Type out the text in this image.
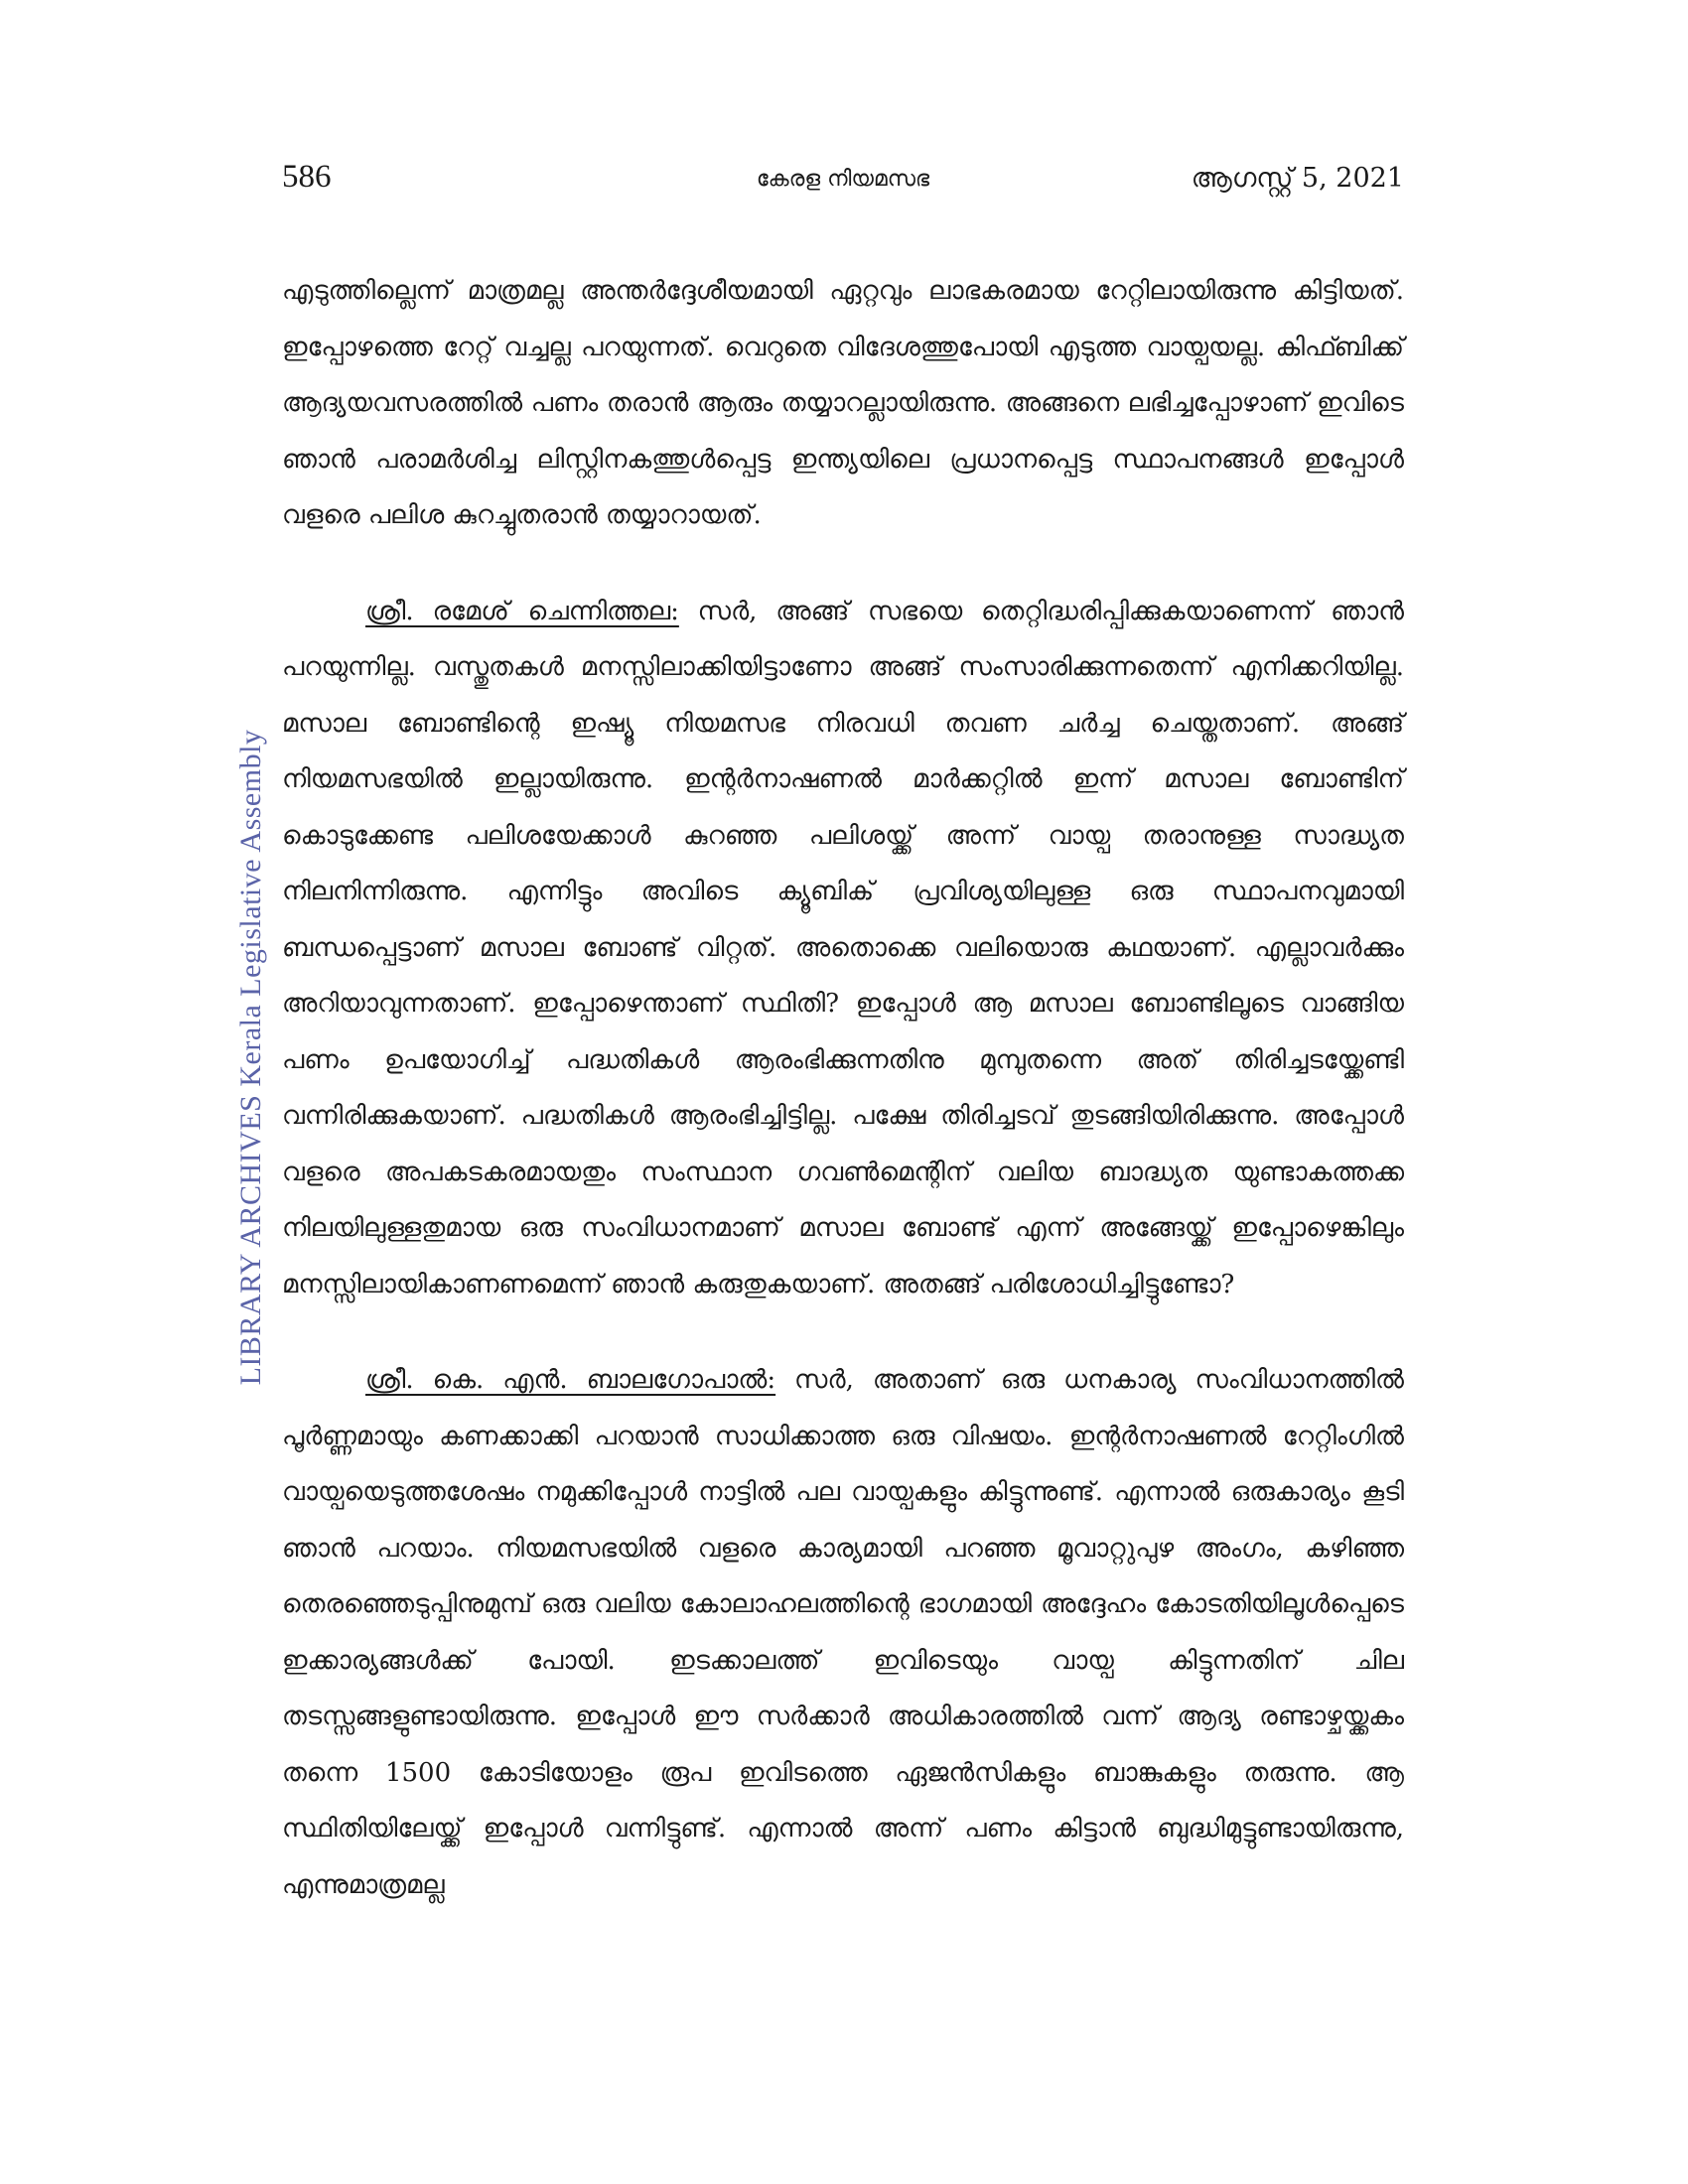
586	കേരള നിയമസഭ	ആഗസ്റ്റ് 5, 2021
LIBRARY ARCHIVES Kerala Legislative Assembly

എടുത്തില്ലെന്ന് മാത്രമല്ല അന്തർദ്ദേശീയമായി ഏറ്റവും ലാഭകരമായ റേറ്റിലായിരുന്നു കിട്ടിയത്. ഇപ്പോഴത്തെ റേറ്റ് വച്ചല്ല പറയുന്നത്. വെറുതെ വിദേശത്തുപോയി എടുത്ത വായ്പയല്ല. കിഫ്ബിക്ക് ആദ്യയവസരത്തിൽ പണം തരാൻ ആരും തയ്യാറല്ലായിരുന്നു. അങ്ങനെ ലഭിച്ചപ്പോഴാണ് ഇവിടെ ഞാൻ പരാമർശിച്ച ലിസ്റ്റിനകത്തുൾപ്പെട്ട ഇന്ത്യയിലെ പ്രധാനപ്പെട്ട സ്ഥാപനങ്ങൾ ഇപ്പോൾ വളരെ പലിശ കുറച്ചുതരാൻ തയ്യാറായത്.

ശ്രീ. രമേശ് ചെന്നിത്തല: സർ, അങ്ങ് സഭയെ തെറ്റിദ്ധരിപ്പിക്കുകയാണെന്ന് ഞാൻ പറയുന്നില്ല. വസ്തുതകൾ മനസ്സിലാക്കിയിട്ടാണോ അങ്ങ് സംസാരിക്കുന്നതെന്ന് എനിക്കറിയില്ല. മസാല ബോണ്ടിന്റെ ഇഷ്യൂ നിയമസഭ നിരവധി തവണ ചർച്ച ചെയ്തതാണ്. അങ്ങ് നിയമസഭയിൽ ഇല്ലായിരുന്നു. ഇന്റർനാഷണൽ മാർക്കറ്റിൽ ഇന്ന് മസാല ബോണ്ടിന് കൊടുക്കേണ്ട പലിശയേക്കാൾ കുറഞ്ഞ പലിശയ്ക്ക് അന്ന് വായ്പ തരാനുള്ള സാദ്ധ്യത നിലനിന്നിരുന്നു. എന്നിട്ടും അവിടെ ക്യൂബിക് പ്രവിശ്യയിലുള്ള ഒരു സ്ഥാപനവുമായി ബന്ധപ്പെട്ടാണ് മസാല ബോണ്ട് വിറ്റത്. അതൊക്കെ വലിയൊരു കഥയാണ്. എല്ലാവർക്കും അറിയാവുന്നതാണ്. ഇപ്പോഴെന്താണ് സ്ഥിതി? ഇപ്പോൾ ആ മസാല ബോണ്ടിലൂടെ വാങ്ങിയ പണം ഉപയോഗിച്ച് പദ്ധതികൾ ആരംഭിക്കുന്നതിനു മുമ്പുതന്നെ അത് തിരിച്ചടയ്ക്കേണ്ടി വന്നിരിക്കുകയാണ്. പദ്ധതികൾ ആരംഭിച്ചിട്ടില്ല. പക്ഷേ തിരിച്ചടവ് തുടങ്ങിയിരിക്കുന്നു. അപ്പോൾ വളരെ അപകടകരമായതും സംസ്ഥാന ഗവൺമെന്റിന് വലിയ ബാദ്ധ്യത യുണ്ടാകത്തക്ക നിലയിലുള്ളതുമായ ഒരു സംവിധാനമാണ് മസാല ബോണ്ട് എന്ന് അങ്ങേയ്ക്ക് ഇപ്പോഴെങ്കിലും മനസ്സിലായികാണണമെന്ന് ഞാൻ കരുതുകയാണ്. അതങ്ങ് പരിശോധിച്ചിട്ടുണ്ടോ?

ശ്രീ. കെ. എൻ. ബാലഗോപാൽ: സർ, അതാണ് ഒരു ധനകാര്യ സംവിധാനത്തിൽ പൂർണ്ണമായും കണക്കാക്കി പറയാൻ സാധിക്കാത്ത ഒരു വിഷയം. ഇന്റർനാഷണൽ റേറ്റിംഗിൽ വായ്പയെടുത്തശേഷം നമുക്കിപ്പോൾ നാട്ടിൽ പല വായ്പകളും കിട്ടുന്നുണ്ട്. എന്നാൽ ഒരുകാര്യം കൂടി ഞാൻ പറയാം. നിയമസഭയിൽ വളരെ കാര്യമായി പറഞ്ഞ മൂവാറ്റുപുഴ അംഗം, കഴിഞ്ഞ തെരഞ്ഞെടുപ്പിനുമുമ്പ് ഒരു വലിയ കോലാഹലത്തിന്റെ ഭാഗമായി അദ്ദേഹം കോടതിയിലൂൾപ്പെടെ ഇക്കാര്യങ്ങൾക്ക് പോയി. ഇടക്കാലത്ത് ഇവിടെയും വായ്പ കിട്ടുന്നതിന് ചില തടസ്സങ്ങളുണ്ടായിരുന്നു. ഇപ്പോൾ ഈ സർക്കാർ അധികാരത്തിൽ വന്ന് ആദ്യ രണ്ടാഴ്ചയ്ക്കകം തന്നെ 1500 കോടിയോളം രൂപ ഇവിടത്തെ ഏജൻസികളും ബാങ്കുകളും തരുന്നു. ആ സ്ഥിതിയിലേയ്ക്ക് ഇപ്പോൾ വന്നിട്ടുണ്ട്. എന്നാൽ അന്ന് പണം കിട്ടാൻ ബുദ്ധിമുട്ടുണ്ടായിരുന്നു, എന്നുമാത്രമല്ല
